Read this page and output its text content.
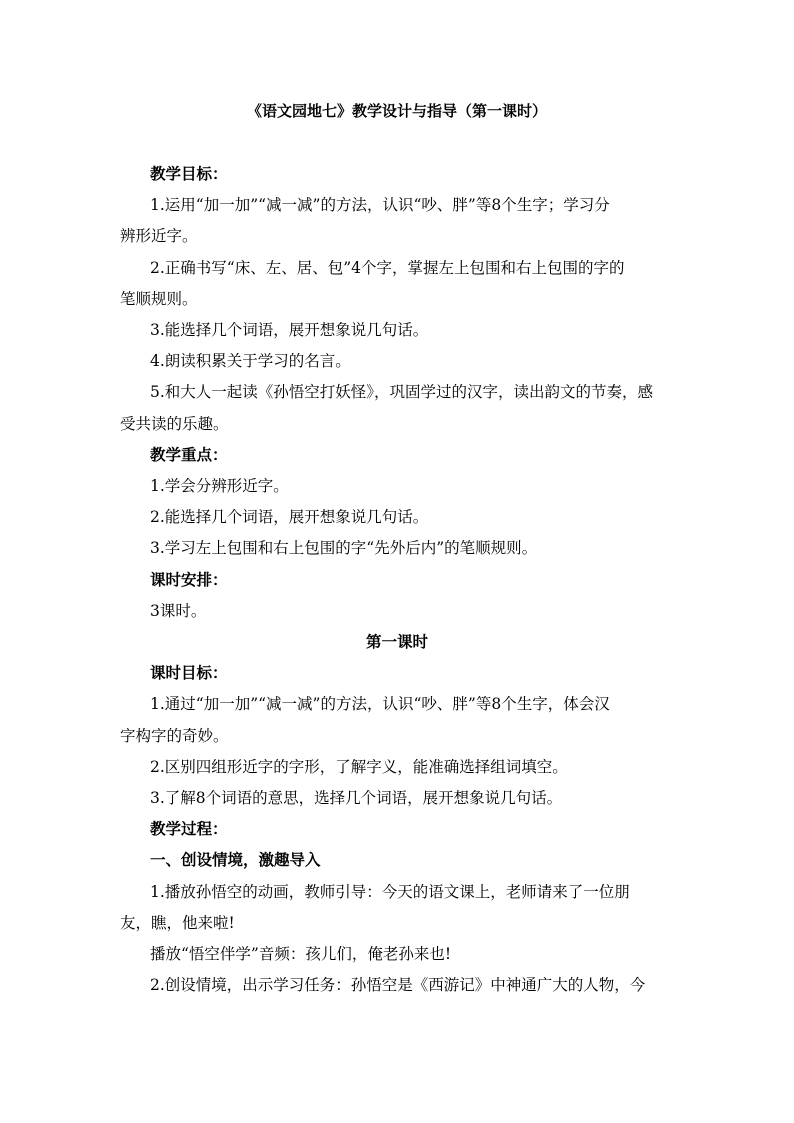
《语文园地七》教学设计与指导（第一课时）

教学目标：

1.运用“加一加”“减一减”的方法，认识“吵、胖”等8个生字；学习分

辨形近字。

2.正确书写“床、左、居、包”4个字，掌握左上包围和右上包围的字的

笔顺规则。

3.能选择几个词语，展开想象说几句话。

4.朗读积累关于学习的名言。

5.和大人一起读《孙悟空打妖怪》，巩固学过的汉字，读出韵文的节奏，感

受共读的乐趣。

教学重点：

1.学会分辨形近字。

2.能选择几个词语，展开想象说几句话。

3.学习左上包围和右上包围的字“先外后内”的笔顺规则。

课时安排：

3课时。

第一课时

课时目标：

1.通过“加一加”“减一减”的方法，认识“吵、胖”等8个生字，体会汉

字构字的奇妙。

2.区别四组形近字的字形，了解字义，能准确选择组词填空。

3.了解8个词语的意思，选择几个词语，展开想象说几句话。

教学过程：

一、创设情境，激趣导入

1.播放孙悟空的动画，教师引导：今天的语文课上，老师请来了一位朋

友，瞧，他来啦!

播放“悟空伴学”音频：孩儿们，俺老孙来也!

2.创设情境，出示学习任务：孙悟空是《西游记》中神通广大的人物，今
